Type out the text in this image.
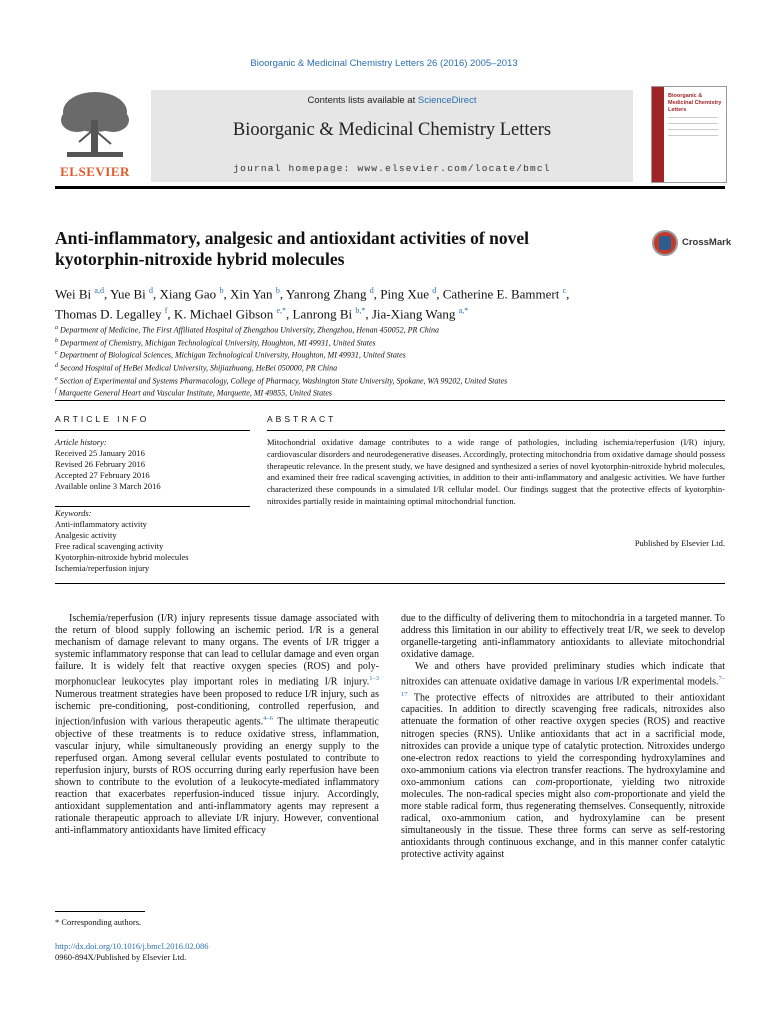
Bioorganic & Medicinal Chemistry Letters 26 (2016) 2005–2013
ELSEVIER
Contents lists available at ScienceDirect
Bioorganic & Medicinal Chemistry Letters
journal homepage: www.elsevier.com/locate/bmcl
Bioorganic & Medicinal Chemistry Letters
Anti-inflammatory, analgesic and antioxidant activities of novel kyotorphin-nitroxide hybrid molecules
CrossMark
Wei Bi $^{a,d}$, Yue Bi $^d$, Xiang Gao $^b$, Xin Yan $^b$, Yanrong Zhang $^d$, Ping Xue $^d$, Catherine E. Bammert $^c$,
Thomas D. Legalley $^f$, K. Michael Gibson $^{e,*}$, Lanrong Bi $^{b,*}$, Jia-Xiang Wang $^{a,*}$
$^a$ Department of Medicine, The First Affiliated Hospital of Zhengzhou University, Zhengzhou, Henan 450052, PR China
$^b$ Department of Chemistry, Michigan Technological University, Houghton, MI 49931, United States
$^c$ Department of Biological Sciences, Michigan Technological University, Houghton, MI 49931, United States
$^d$ Second Hospital of HeBei Medical University, Shijiazhuang, HeBei 050000, PR China
$^e$ Section of Experimental and Systems Pharmacology, College of Pharmacy, Washington State University, Spokane, WA 99202, United States
$^f$ Marquette General Heart and Vascular Institute, Marquette, MI 49855, United States
ARTICLE INFO	ABSTRACT
Article history:
Received 25 January 2016
Revised 26 February 2016
Accepted 27 February 2016
Available online 3 March 2016
Keywords:
Anti-inflammatory activity
Analgesic activity
Free radical scavenging activity
Kyotorphin-nitroxide hybrid molecules
Ischemia/reperfusion injury
Mitochondrial oxidative damage contributes to a wide range of pathologies, including ischemia/reperfusion (I/R) injury, cardiovascular disorders and neurodegenerative diseases. Accordingly, protecting mitochondria from oxidative damage should possess therapeutic relevance. In the present study, we have designed and synthesized a series of novel kyotorphin-nitroxide hybrid molecules, and examined their free radical scavenging activities, in addition to their anti-inflammatory and analgesic activities. We have further characterized these compounds in a simulated I/R cellular model. Our findings suggest that the protective effects of kyotorphin-nitroxides partially reside in maintaining optimal mitochondrial function.
Published by Elsevier Ltd.

Ischemia/reperfusion (I/R) injury represents tissue damage associated with the return of blood supply following an ischemic period. I/R is a general mechanism of damage relevant to many organs. The events of I/R trigger a systemic inflammatory response that can lead to cellular damage and even organ failure. It is widely felt that reactive oxygen species (ROS) and poly-morphonuclear leukocytes play important roles in mediating I/R injury.$^{1-3}$ Numerous treatment strategies have been proposed to reduce I/R injury, such as ischemic pre-conditioning, post-conditioning, controlled reperfusion, and injection/infusion with various therapeutic agents.$^{4-6}$ The ultimate therapeutic objective of these treatments is to reduce oxidative stress, inflammation, vascular injury, while simultaneously providing an energy supply to the reperfused organ. Among several cellular events postulated to contribute to reperfusion injury, bursts of ROS occurring during early reperfusion have been shown to contribute to the evolution of a leukocyte-mediated inflammatory reaction that exacerbates reperfusion-induced tissue injury. Accordingly, antioxidant supplementation and anti-inflammatory agents may represent a rationale therapeutic approach to alleviate I/R injury. However, conventional anti-inflammatory antioxidants have limited efficacy

due to the difficulty of delivering them to mitochondria in a targeted manner. To address this limitation in our ability to effectively treat I/R, we seek to develop organelle-targeting anti-inflammatory antioxidants to alleviate mitochondrial oxidative damage.

We and others have provided preliminary studies which indicate that nitroxides can attenuate oxidative damage in various I/R experimental models.$^{7-17}$ The protective effects of nitroxides are attributed to their antioxidant capacities. In addition to directly scavenging free radicals, nitroxides also attenuate the formation of other reactive oxygen species (ROS) and reactive nitrogen species (RNS). Unlike antioxidants that act in a sacrificial mode, nitroxides can provide a unique type of catalytic protection. Nitroxides undergo one-electron redox reactions to yield the corresponding hydroxylamines and oxo-ammonium cations via electron transfer reactions. The hydroxylamine and oxo-ammonium cations can com-proportionate, yielding two nitroxide molecules. The non-radical species might also com-proportionate and yield the more stable radical form, thus regenerating themselves. Consequently, nitroxide radical, oxo-ammonium cation, and hydroxylamine can be present simultaneously in the tissue. These three forms can serve as self-restoring antioxidants through continuous exchange, and in this manner confer catalytic protective activity against

* Corresponding authors.
http://dx.doi.org/10.1016/j.bmcl.2016.02.086
0960-894X/Published by Elsevier Ltd.
